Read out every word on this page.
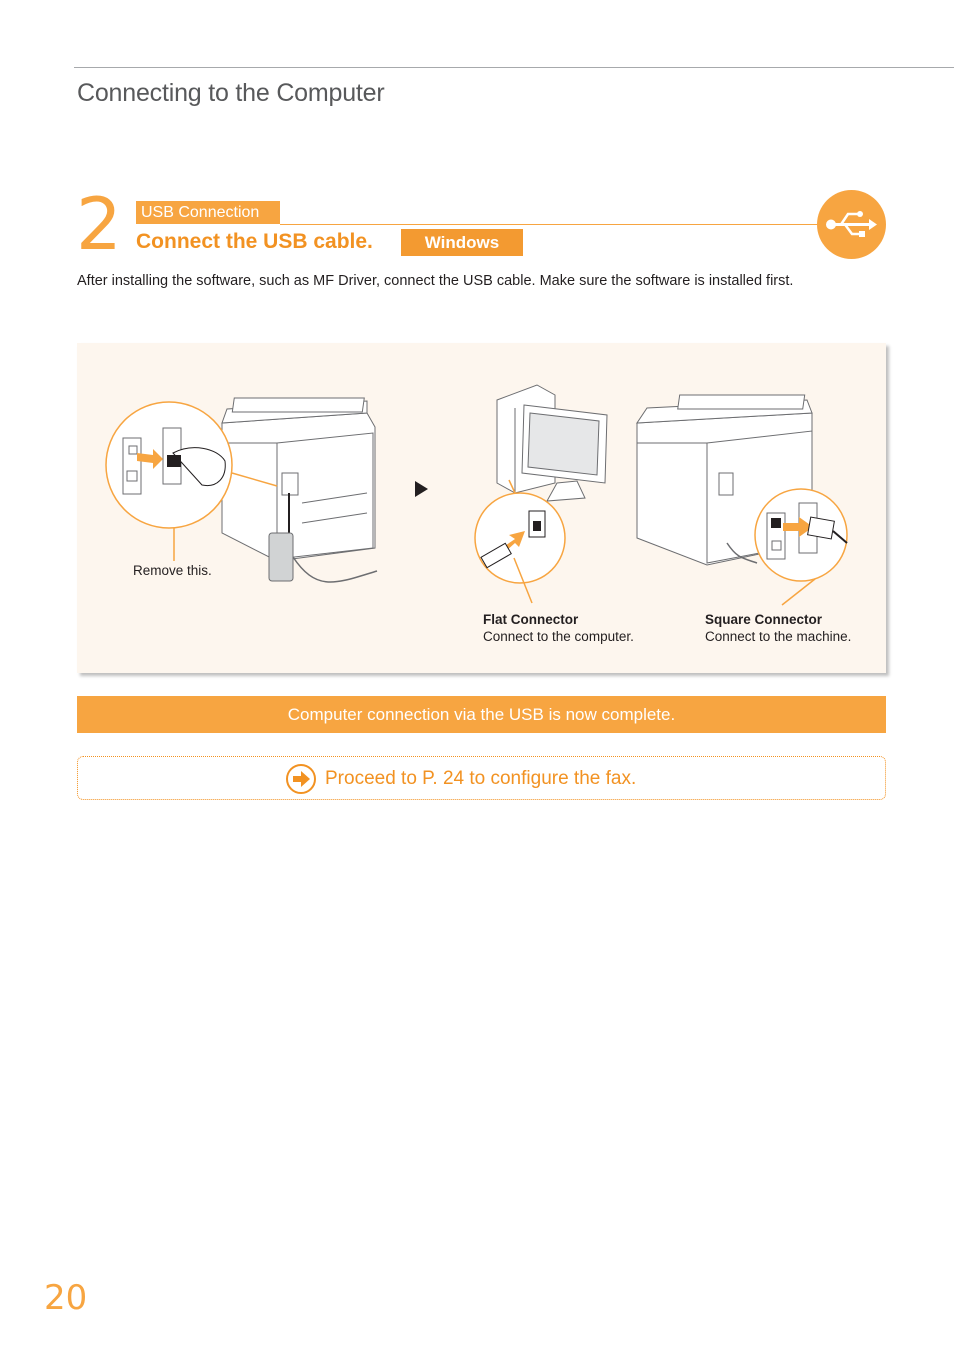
Connecting to the Computer
2	USB Connection
Connect the USB cable.	Windows
After installing the software, such as MF Driver, connect the USB cable. Make sure the software is installed first.
Remove this.
Flat Connector
Connect to the computer.
Square Connector
Connect to the machine.
Computer connection via the USB is now complete.
Proceed to P. 24 to configure the fax.
20
